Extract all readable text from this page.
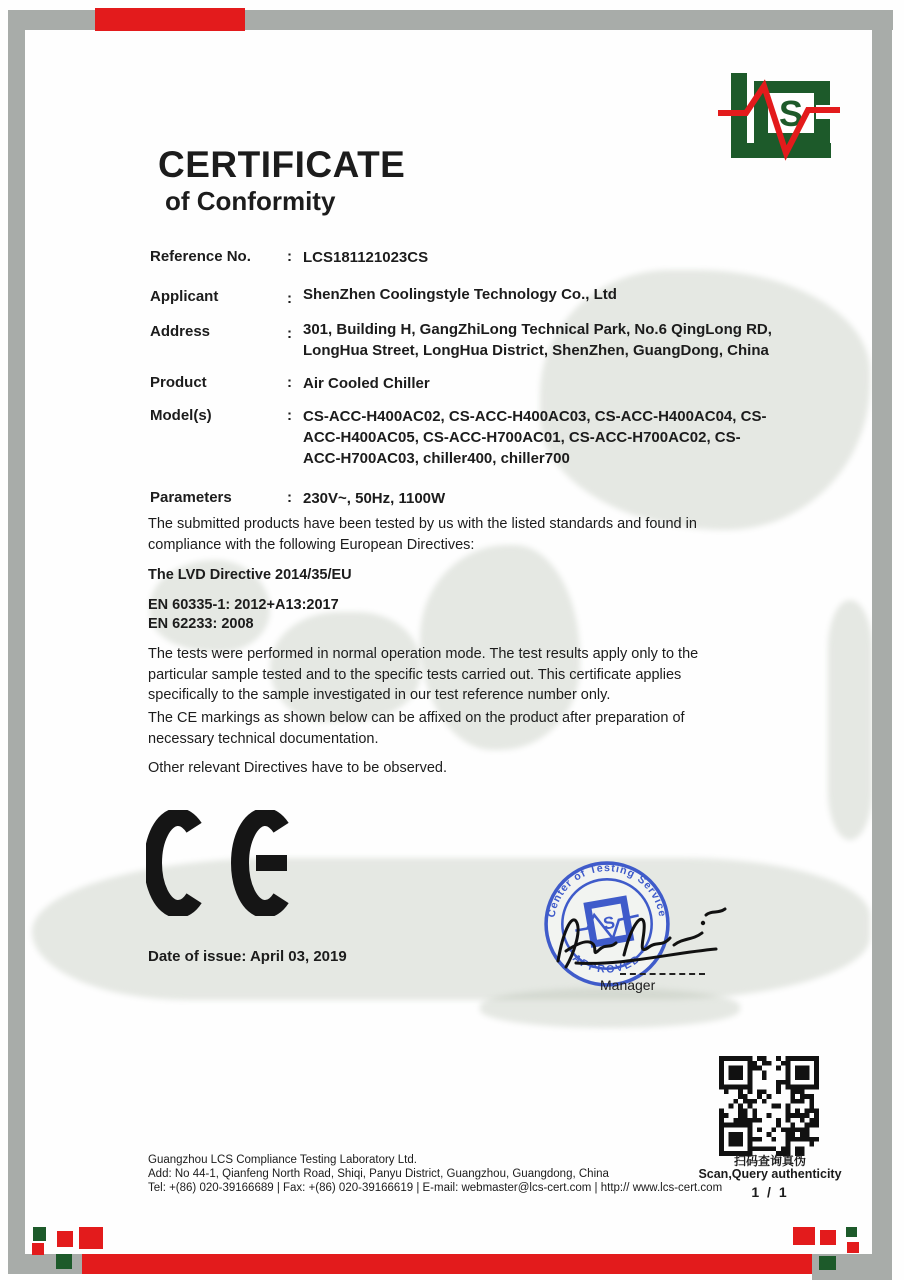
S
CERTIFICATE
of Conformity
Reference No.	: LCS181121023CS
Applicant	: ShenZhen Coolingstyle Technology Co., Ltd
Address	: 301, Building H, GangZhiLong Technical Park, No.6 QingLong RD, LongHua Street, LongHua District, ShenZhen, GuangDong, China
Product	: Air Cooled Chiller
Model(s)	: CS-ACC-H400AC02, CS-ACC-H400AC03, CS-ACC-H400AC04, CS-ACC-H400AC05, CS-ACC-H700AC01, CS-ACC-H700AC02, CS-ACC-H700AC03, chiller400, chiller700
Parameters	: 230V~, 50Hz, 1100W
The submitted products have been tested by us with the listed standards and found in compliance with the following European Directives:
The LVD Directive 2014/35/EU
EN 60335-1: 2012+A13:2017
EN 62233: 2008
The tests were performed in normal operation mode. The test results apply only to the particular sample tested and to the specific tests carried out. This certificate applies specifically to the sample investigated in our test reference number only.
The CE markings as shown below can be affixed on the product after preparation of necessary technical documentation.
Other relevant Directives have to be observed.
Date of issue: April 03, 2019
Center of Testing Service
* APPROVED *
S
Manager
扫码查询真伪
Scan,Query authenticity
1 / 1
Guangzhou LCS Compliance Testing Laboratory Ltd.
Add: No 44-1, Qianfeng North Road, Shiqi, Panyu District, Guangzhou, Guangdong, China
Tel: +(86) 020-39166689 | Fax: +(86) 020-39166619 | E-mail: webmaster@lcs-cert.com | http:// www.lcs-cert.com
